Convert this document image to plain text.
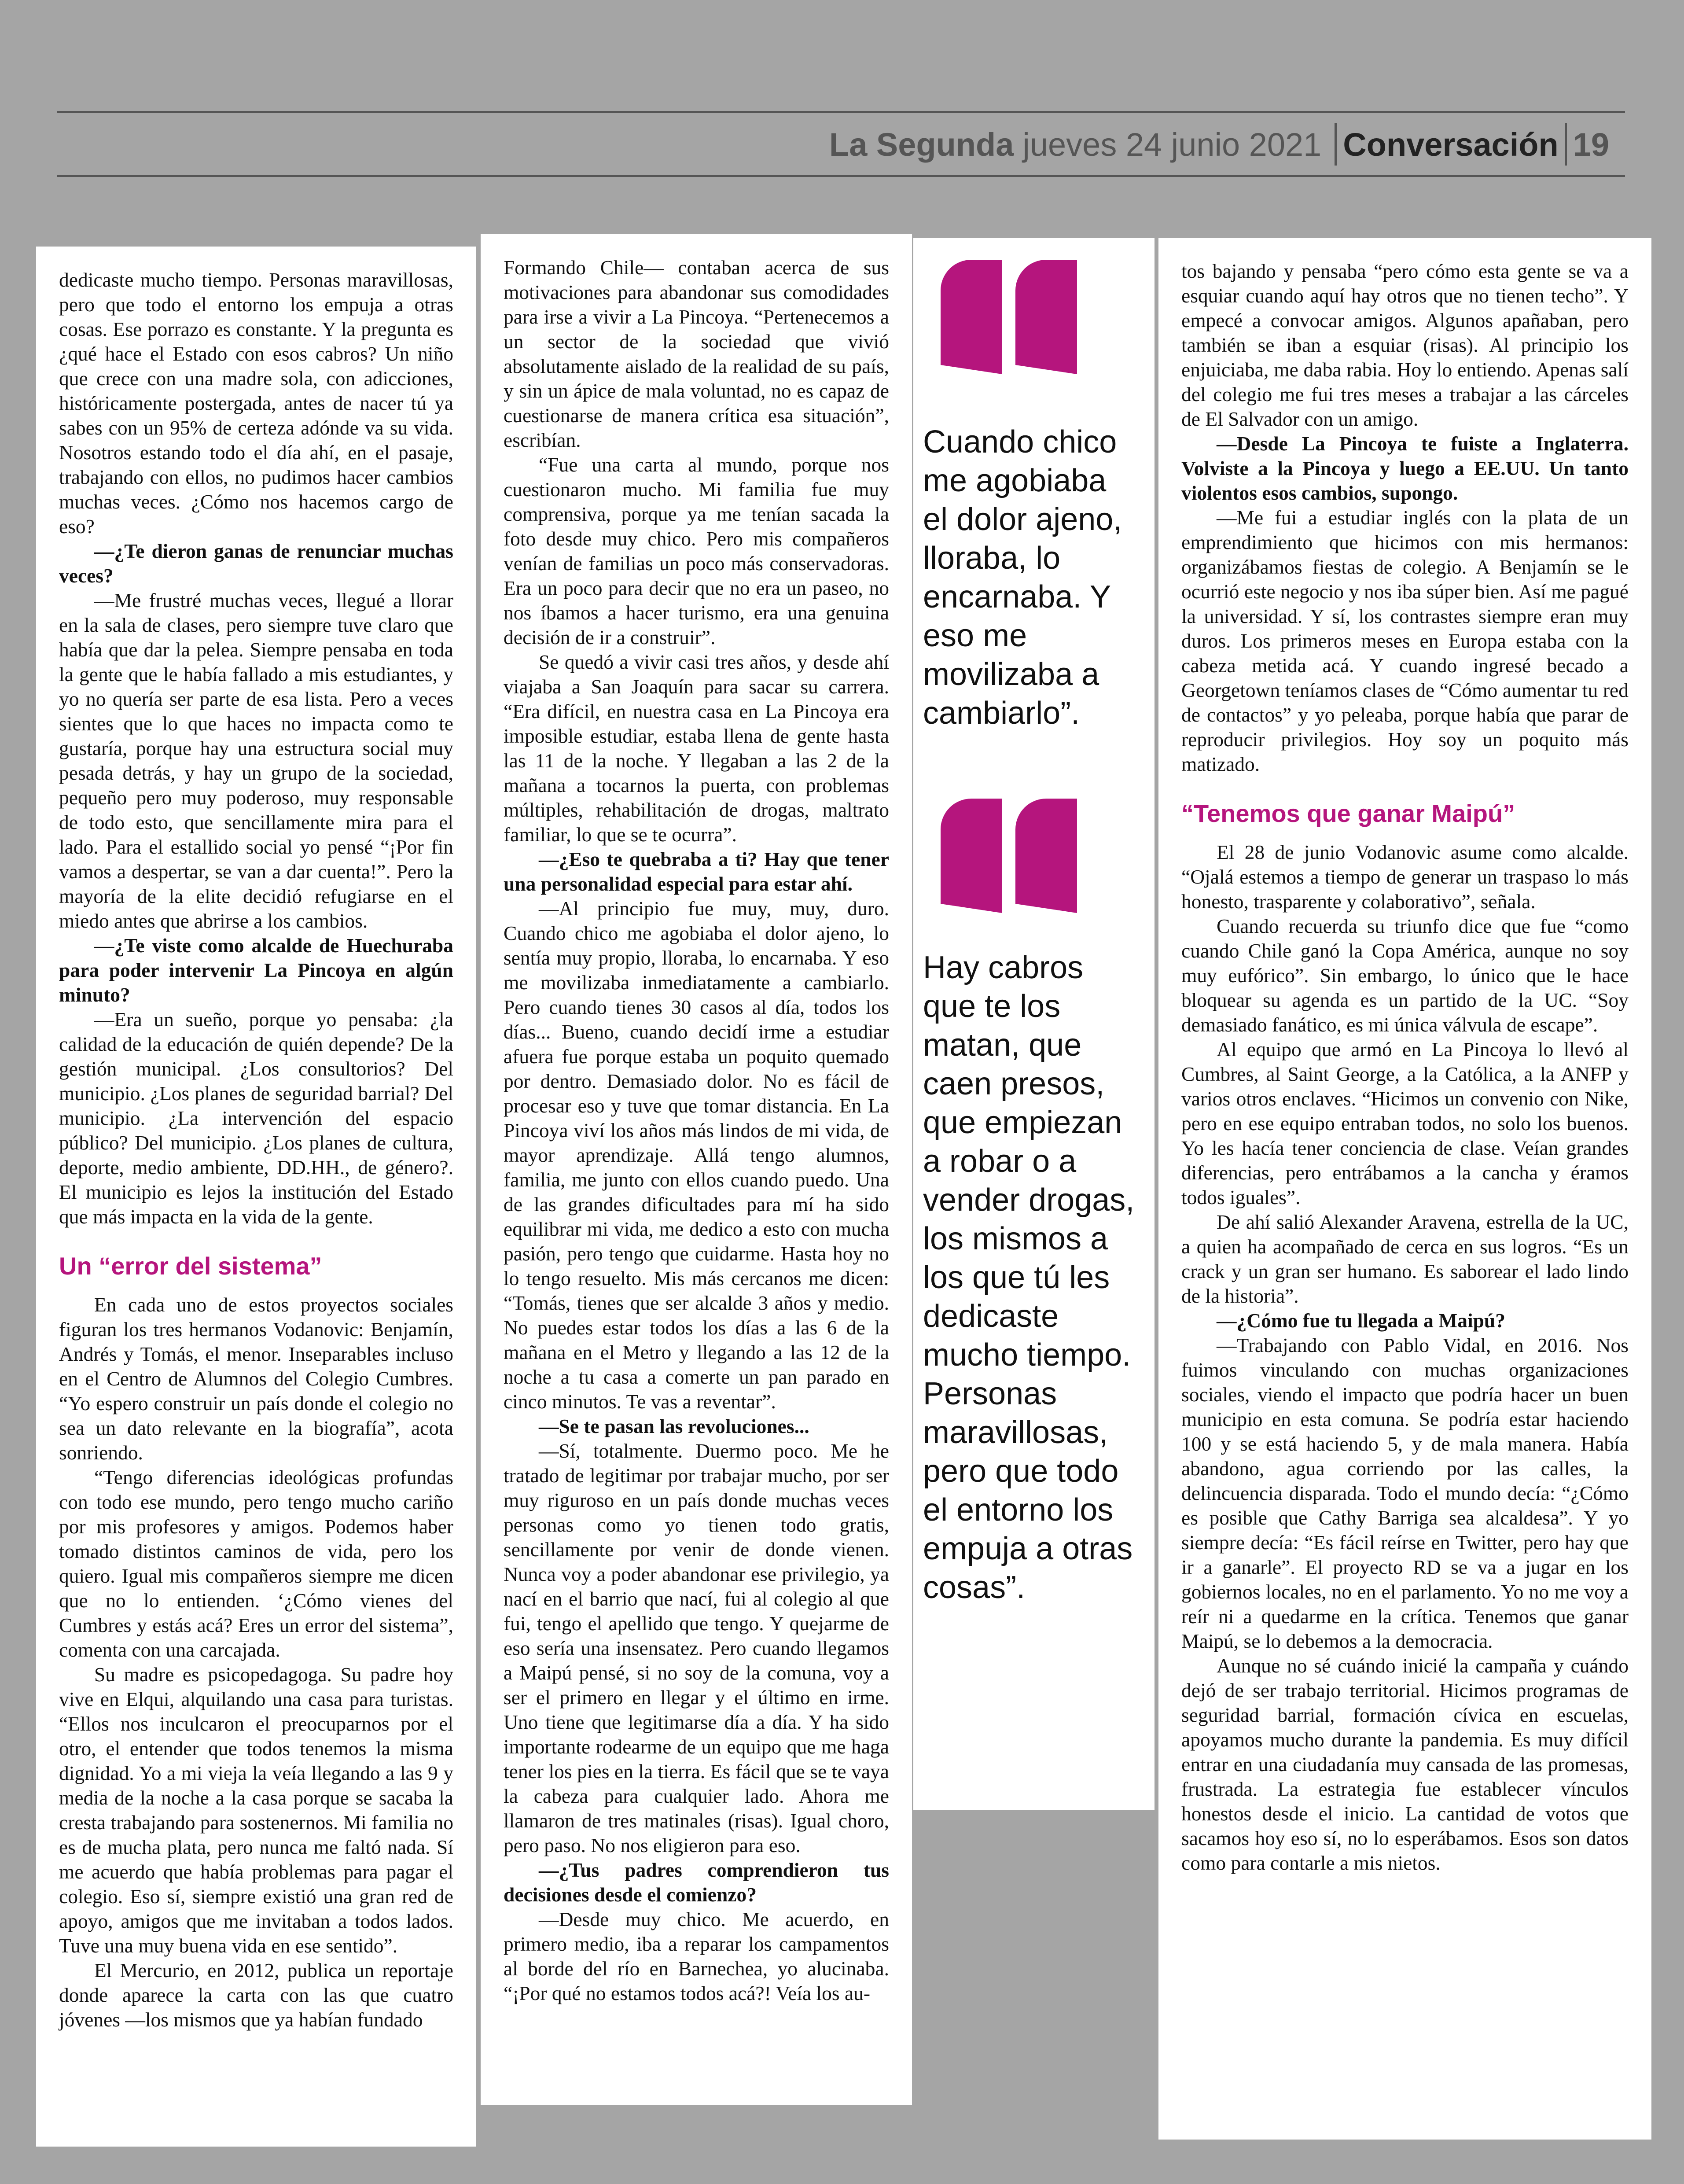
La Segunda jueves 24 junio 2021 Conversación 19

dedicaste mucho tiempo. Personas maravillosas, pero que todo el entorno los empuja a otras cosas. Ese porrazo es constante. Y la pregunta es ¿qué hace el Estado con esos cabros? Un niño que crece con una madre sola, con adicciones, históricamente postergada, antes de nacer tú ya sabes con un 95% de certeza adónde va su vida. Nosotros estando todo el día ahí, en el pasaje, trabajando con ellos, no pudimos hacer cambios muchas veces. ¿Cómo nos hacemos cargo de eso?

—¿Te dieron ganas de renunciar muchas veces?

—Me frustré muchas veces, llegué a llorar en la sala de clases, pero siempre tuve claro que había que dar la pelea. Siempre pensaba en toda la gente que le había fallado a mis estudiantes, y yo no quería ser parte de esa lista. Pero a veces sientes que lo que haces no impacta como te gustaría, porque hay una estructura social muy pesada detrás, y hay un grupo de la sociedad, pequeño pero muy poderoso, muy responsable de todo esto, que sencillamente mira para el lado. Para el estallido social yo pensé “¡Por fin vamos a despertar, se van a dar cuenta!”. Pero la mayoría de la elite decidió refugiarse en el miedo antes que abrirse a los cambios.

—¿Te viste como alcalde de Huechuraba para poder intervenir La Pincoya en algún minuto?

—Era un sueño, porque yo pensaba: ¿la calidad de la educación de quién depende? De la gestión municipal. ¿Los consultorios? Del municipio. ¿Los planes de seguridad barrial? Del municipio. ¿La intervención del espacio público? Del municipio. ¿Los planes de cultura, deporte, medio ambiente, DD.HH., de género?. El municipio es lejos la institución del Estado que más impacta en la vida de la gente.

Un “error del sistema”

En cada uno de estos proyectos sociales figuran los tres hermanos Vodanovic: Benjamín, Andrés y Tomás, el menor. Inseparables incluso en el Centro de Alumnos del Colegio Cumbres. “Yo espero construir un país donde el colegio no sea un dato relevante en la biografía”, acota sonriendo.

“Tengo diferencias ideológicas profundas con todo ese mundo, pero tengo mucho cariño por mis profesores y amigos. Podemos haber tomado distintos caminos de vida, pero los quiero. Igual mis compañeros siempre me dicen que no lo entienden. ‘¿Cómo vienes del Cumbres y estás acá? Eres un error del sistema”, comenta con una carcajada.

Su madre es psicopedagoga. Su padre hoy vive en Elqui, alquilando una casa para turistas. “Ellos nos inculcaron el preocuparnos por el otro, el entender que todos tenemos la misma dignidad. Yo a mi vieja la veía llegando a las 9 y media de la noche a la casa porque se sacaba la cresta trabajando para sostenernos. Mi familia no es de mucha plata, pero nunca me faltó nada. Sí me acuerdo que había problemas para pagar el colegio. Eso sí, siempre existió una gran red de apoyo, amigos que me invitaban a todos lados. Tuve una muy buena vida en ese sentido”.

El Mercurio, en 2012, publica un reportaje donde aparece la carta con las que cuatro jóvenes —los mismos que ya habían fundado

Formando Chile— contaban acerca de sus motivaciones para abandonar sus comodidades para irse a vivir a La Pincoya. “Pertenecemos a un sector de la sociedad que vivió absolutamente aislado de la realidad de su país, y sin un ápice de mala voluntad, no es capaz de cuestionarse de manera crítica esa situación”, escribían.

“Fue una carta al mundo, porque nos cuestionaron mucho. Mi familia fue muy comprensiva, porque ya me tenían sacada la foto desde muy chico. Pero mis compañeros venían de familias un poco más conservadoras. Era un poco para decir que no era un paseo, no nos íbamos a hacer turismo, era una genuina decisión de ir a construir”.

Se quedó a vivir casi tres años, y desde ahí viajaba a San Joaquín para sacar su carrera. “Era difícil, en nuestra casa en La Pincoya era imposible estudiar, estaba llena de gente hasta las 11 de la noche. Y llegaban a las 2 de la mañana a tocarnos la puerta, con problemas múltiples, rehabilitación de drogas, maltrato familiar, lo que se te ocurra”.

—¿Eso te quebraba a ti? Hay que tener una personalidad especial para estar ahí.

—Al principio fue muy, muy, duro. Cuando chico me agobiaba el dolor ajeno, lo sentía muy propio, lloraba, lo encarnaba. Y eso me movilizaba inmediatamente a cambiarlo. Pero cuando tienes 30 casos al día, todos los días... Bueno, cuando decidí irme a estudiar afuera fue porque estaba un poquito quemado por dentro. Demasiado dolor. No es fácil de procesar eso y tuve que tomar distancia. En La Pincoya viví los años más lindos de mi vida, de mayor aprendizaje. Allá tengo alumnos, familia, me junto con ellos cuando puedo. Una de las grandes dificultades para mí ha sido equilibrar mi vida, me dedico a esto con mucha pasión, pero tengo que cuidarme. Hasta hoy no lo tengo resuelto. Mis más cercanos me dicen: “Tomás, tienes que ser alcalde 3 años y medio. No puedes estar todos los días a las 6 de la mañana en el Metro y llegando a las 12 de la noche a tu casa a comerte un pan parado en cinco minutos. Te vas a reventar”.

—Se te pasan las revoluciones...

—Sí, totalmente. Duermo poco. Me he tratado de legitimar por trabajar mucho, por ser muy riguroso en un país donde muchas veces personas como yo tienen todo gratis, sencillamente por venir de donde vienen. Nunca voy a poder abandonar ese privilegio, ya nací en el barrio que nací, fui al colegio al que fui, tengo el apellido que tengo. Y quejarme de eso sería una insensatez. Pero cuando llegamos a Maipú pensé, si no soy de la comuna, voy a ser el primero en llegar y el último en irme. Uno tiene que legitimarse día a día. Y ha sido importante rodearme de un equipo que me haga tener los pies en la tierra. Es fácil que se te vaya la cabeza para cualquier lado. Ahora me llamaron de tres matinales (risas). Igual choro, pero paso. No nos eligieron para eso.

—¿Tus padres comprendieron tus decisiones desde el comienzo?

—Desde muy chico. Me acuerdo, en primero medio, iba a reparar los campamentos al borde del río en Barnechea, yo alucinaba. “¡Por qué no estamos todos acá?! Veía los au-

Cuando chico me agobiaba el dolor ajeno, lloraba, lo encarnaba. Y eso me movilizaba a cambiarlo”.

Hay cabros que te los matan, que caen presos, que empiezan a robar o a vender drogas, los mismos a los que tú les dedicaste mucho tiempo. Personas maravillosas, pero que todo el entorno los empuja a otras cosas”.

tos bajando y pensaba “pero cómo esta gente se va a esquiar cuando aquí hay otros que no tienen techo”. Y empecé a convocar amigos. Algunos apañaban, pero también se iban a esquiar (risas). Al principio los enjuiciaba, me daba rabia. Hoy lo entiendo. Apenas salí del colegio me fui tres meses a trabajar a las cárceles de El Salvador con un amigo.

—Desde La Pincoya te fuiste a Inglaterra. Volviste a la Pincoya y luego a EE.UU. Un tanto violentos esos cambios, supongo.

—Me fui a estudiar inglés con la plata de un emprendimiento que hicimos con mis hermanos: organizábamos fiestas de colegio. A Benjamín se le ocurrió este negocio y nos iba súper bien. Así me pagué la universidad. Y sí, los contrastes siempre eran muy duros. Los primeros meses en Europa estaba con la cabeza metida acá. Y cuando ingresé becado a Georgetown teníamos clases de “Cómo aumentar tu red de contactos” y yo peleaba, porque había que parar de reproducir privilegios. Hoy soy un poquito más matizado.

“Tenemos que ganar Maipú”

El 28 de junio Vodanovic asume como alcalde. “Ojalá estemos a tiempo de generar un traspaso lo más honesto, trasparente y colaborativo”, señala.

Cuando recuerda su triunfo dice que fue “como cuando Chile ganó la Copa América, aunque no soy muy eufórico”. Sin embargo, lo único que le hace bloquear su agenda es un partido de la UC. “Soy demasiado fanático, es mi única válvula de escape”.

Al equipo que armó en La Pincoya lo llevó al Cumbres, al Saint George, a la Católica, a la ANFP y varios otros enclaves. “Hicimos un convenio con Nike, pero en ese equipo entraban todos, no solo los buenos. Yo les hacía tener conciencia de clase. Veían grandes diferencias, pero entrábamos a la cancha y éramos todos iguales”.

De ahí salió Alexander Aravena, estrella de la UC, a quien ha acompañado de cerca en sus logros. “Es un crack y un gran ser humano. Es saborear el lado lindo de la historia”.

—¿Cómo fue tu llegada a Maipú?

—Trabajando con Pablo Vidal, en 2016. Nos fuimos vinculando con muchas organizaciones sociales, viendo el impacto que podría hacer un buen municipio en esta comuna. Se podría estar haciendo 100 y se está haciendo 5, y de mala manera. Había abandono, agua corriendo por las calles, la delincuencia disparada. Todo el mundo decía: “¿Cómo es posible que Cathy Barriga sea alcaldesa”. Y yo siempre decía: “Es fácil reírse en Twitter, pero hay que ir a ganarle”. El proyecto RD se va a jugar en los gobiernos locales, no en el parlamento. Yo no me voy a reír ni a quedarme en la crítica. Tenemos que ganar Maipú, se lo debemos a la democracia.

Aunque no sé cuándo inicié la campaña y cuándo dejó de ser trabajo territorial. Hicimos programas de seguridad barrial, formación cívica en escuelas, apoyamos mucho durante la pandemia. Es muy difícil entrar en una ciudadanía muy cansada de las promesas, frustrada. La estrategia fue establecer vínculos honestos desde el inicio. La cantidad de votos que sacamos hoy eso sí, no lo esperábamos. Esos son datos como para contarle a mis nietos.
